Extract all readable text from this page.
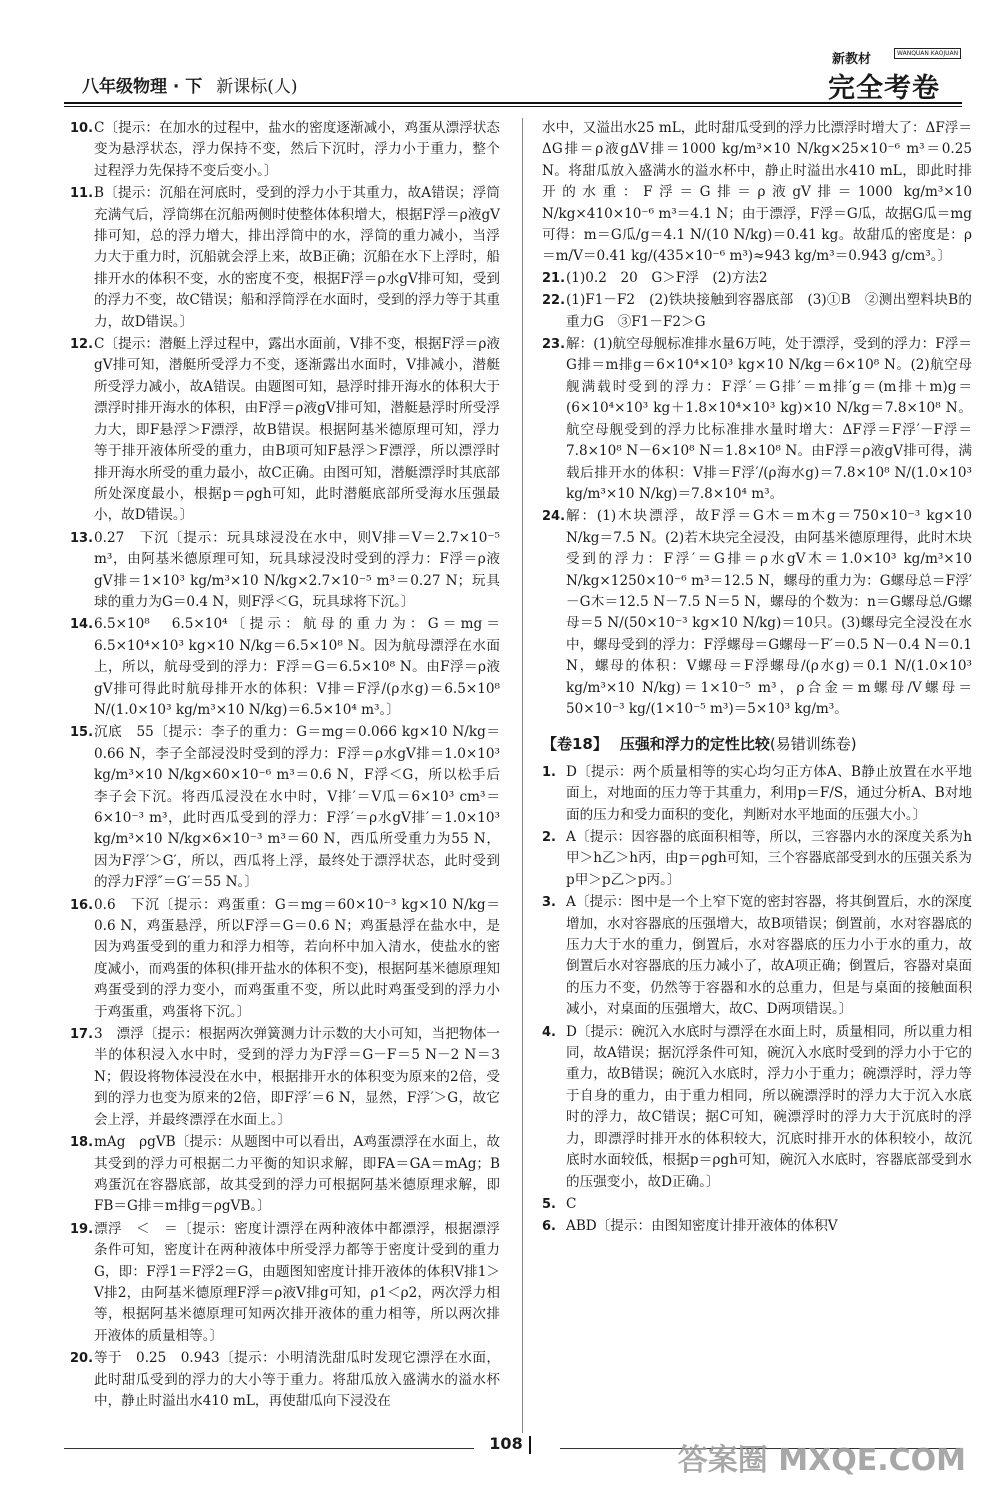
八年级物理 · 下 新课标(人)
新教材	WANQUAN KAOJUAN
完全考卷
10. C〔提示：在加水的过程中，盐水的密度逐渐减小，鸡蛋从漂浮状态变为悬浮状态，浮力保持不变，然后下沉时，浮力小于重力，整个过程浮力先保持不变后变小。〕
11. B〔提示：沉船在河底时，受到的浮力小于其重力，故A错误；浮筒充满气后，浮筒绑在沉船两侧时使整体体积增大，根据F浮＝ρ液gV排可知，总的浮力增大，排出浮筒中的水，浮筒的重力减小，当浮力大于重力时，沉船就会浮上来，故B正确；沉船在水下上浮时，船排开水的体积不变，水的密度不变，根据F浮＝ρ水gV排可知，受到的浮力不变，故C错误；船和浮筒浮在水面时，受到的浮力等于其重力，故D错误。〕
12. C〔提示：潜艇上浮过程中，露出水面前，V排不变，根据F浮＝ρ液gV排可知，潜艇所受浮力不变，逐渐露出水面时，V排减小，潜艇所受浮力减小，故A错误。由题图可知，悬浮时排开海水的体积大于漂浮时排开海水的体积，由F浮＝ρ液gV排可知，潜艇悬浮时所受浮力大，即F悬浮＞F漂浮，故B错误。根据阿基米德原理可知，浮力等于排开液体所受的重力，由B项可知F悬浮＞F漂浮，所以漂浮时排开海水所受的重力最小，故C正确。由图可知，潜艇漂浮时其底部所处深度最小，根据p＝ρgh可知，此时潜艇底部所受海水压强最小，故D错误。〕
13. 0.27　下沉〔提示：玩具球浸没在水中，则V排＝V＝2.7×10⁻⁵ m³，由阿基米德原理可知，玩具球浸没时受到的浮力：F浮＝ρ液gV排＝1×10³ kg/m³×10 N/kg×2.7×10⁻⁵ m³＝0.27 N；玩具球的重力为G＝0.4 N，则F浮＜G，玩具球将下沉。〕
14. 6.5×10⁸　6.5×10⁴〔提示：航母的重力为：G＝mg＝6.5×10⁴×10³ kg×10 N/kg＝6.5×10⁸ N。因为航母漂浮在水面上，所以，航母受到的浮力：F浮＝G＝6.5×10⁸ N。由F浮＝ρ液gV排可得此时航母排开水的体积：V排＝F浮/(ρ水g)＝6.5×10⁸ N/(1.0×10³ kg/m³×10 N/kg)＝6.5×10⁴ m³。〕
15. 沉底　55〔提示：李子的重力：G＝mg＝0.066 kg×10 N/kg＝0.66 N，李子全部浸没时受到的浮力：F浮＝ρ水gV排＝1.0×10³ kg/m³×10 N/kg×60×10⁻⁶ m³＝0.6 N，F浮＜G，所以松手后李子会下沉。将西瓜浸没在水中时，V排′＝V瓜＝6×10³ cm³＝6×10⁻³ m³，此时西瓜受到的浮力：F浮′＝ρ水gV排′＝1.0×10³ kg/m³×10 N/kg×6×10⁻³ m³＝60 N，西瓜所受重力为55 N，因为F浮′＞G′，所以，西瓜将上浮，最终处于漂浮状态，此时受到的浮力F浮″＝G′＝55 N。〕
16. 0.6　下沉〔提示：鸡蛋重：G＝mg＝60×10⁻³ kg×10 N/kg＝0.6 N，鸡蛋悬浮，所以F浮＝G＝0.6 N；鸡蛋悬浮在盐水中，是因为鸡蛋受到的重力和浮力相等，若向杯中加入清水，使盐水的密度减小，而鸡蛋的体积(排开盐水的体积不变)，根据阿基米德原理知鸡蛋受到的浮力变小，而鸡蛋重不变，所以此时鸡蛋受到的浮力小于鸡蛋重，鸡蛋将下沉。〕
17. 3　漂浮〔提示：根据两次弹簧测力计示数的大小可知，当把物体一半的体积浸入水中时，受到的浮力为F浮＝G－F＝5 N－2 N＝3 N；假设将物体浸没在水中，根据排开水的体积变为原来的2倍，受到的浮力也变为原来的2倍，即F浮′＝6 N，显然，F浮′＞G，故它会上浮，并最终漂浮在水面上。〕
18. mAg　ρgVB〔提示：从题图中可以看出，A鸡蛋漂浮在水面上，故其受到的浮力可根据二力平衡的知识求解，即FA＝GA＝mAg；B鸡蛋沉在容器底部，故其受到的浮力可根据阿基米德原理求解，即FB＝G排＝m排g＝ρgVB。〕
19. 漂浮　＜　＝〔提示：密度计漂浮在两种液体中都漂浮，根据漂浮条件可知，密度计在两种液体中所受浮力都等于密度计受到的重力G，即：F浮1＝F浮2＝G，由题图知密度计排开液体的体积V排1＞V排2，由阿基米德原理F浮＝ρ液V排g可知，ρ1＜ρ2，两次浮力相等，根据阿基米德原理可知两次排开液体的重力相等，所以两次排开液体的质量相等。〕
20. 等于　0.25　0.943〔提示：小明清洗甜瓜时发现它漂浮在水面，此时甜瓜受到的浮力的大小等于重力。将甜瓜放入盛满水的溢水杯中，静止时溢出水410 mL，再使甜瓜向下浸没在
水中，又溢出水25 mL，此时甜瓜受到的浮力比漂浮时增大了：ΔF浮＝ΔG排＝ρ液gΔV排＝1000 kg/m³×10 N/kg×25×10⁻⁶ m³＝0.25 N。将甜瓜放入盛满水的溢水杯中，静止时溢出水410 mL，即此时排开的水重：F浮＝G排＝ρ液gV排＝1000 kg/m³×10 N/kg×410×10⁻⁶ m³＝4.1 N；由于漂浮，F浮＝G瓜，故据G瓜＝mg可得：m＝G瓜/g＝4.1 N/(10 N/kg)＝0.41 kg。故甜瓜的密度是：ρ＝m/V＝0.41 kg/(435×10⁻⁶ m³)≈943 kg/m³＝0.943 g/cm³。〕
21. (1)0.2　20　G＞F浮　(2)方法2
22. (1)F1－F2　(2)铁块接触到容器底部　(3)①B　②测出塑料块B的重力G　③F1－F2＞G
23. 解：(1)航空母舰标准排水量6万吨，处于漂浮，受到的浮力：F浮＝G排＝m排g＝6×10⁴×10³ kg×10 N/kg＝6×10⁸ N。(2)航空母舰满载时受到的浮力：F浮′＝G排′＝m排′g＝(m排＋m)g＝(6×10⁴×10³ kg＋1.8×10⁴×10³ kg)×10 N/kg＝7.8×10⁸ N。航空母舰受到的浮力比标准排水量时增大：ΔF浮＝F浮′－F浮＝7.8×10⁸ N－6×10⁸ N＝1.8×10⁸ N。由F浮＝ρ液gV排可得，满载后排开水的体积：V排＝F浮′/(ρ海水g)＝7.8×10⁸ N/(1.0×10³ kg/m³×10 N/kg)＝7.8×10⁴ m³。
24. 解：(1)木块漂浮，故F浮＝G木＝m木g＝750×10⁻³ kg×10 N/kg＝7.5 N。(2)若木块完全浸没，由阿基米德原理得，此时木块受到的浮力：F浮′＝G排＝ρ水gV木＝1.0×10³ kg/m³×10 N/kg×1250×10⁻⁶ m³＝12.5 N，螺母的重力为：G螺母总＝F浮′－G木＝12.5 N－7.5 N＝5 N，螺母的个数为：n＝G螺母总/G螺母＝5 N/(50×10⁻³ kg×10 N/kg)＝10只。(3)螺母完全浸没在水中，螺母受到的浮力：F浮螺母＝G螺母－F′＝0.5 N－0.4 N＝0.1 N，螺母的体积：V螺母＝F浮螺母/(ρ水g)＝0.1 N/(1.0×10³ kg/m³×10 N/kg)＝1×10⁻⁵ m³，ρ合金＝m螺母/V螺母＝50×10⁻³ kg/(1×10⁻⁵ m³)＝5×10³ kg/m³。
【卷18】 压强和浮力的定性比较(易错训练卷)
1. D〔提示：两个质量相等的实心均匀正方体A、B静止放置在水平地面上，对地面的压力等于其重力，利用p＝F/S，通过分析A、B对地面的压力和受力面积的变化，判断对水平地面的压强大小。〕
2. A〔提示：因容器的底面积相等，所以，三容器内水的深度关系为h甲＞h乙＞h丙，由p＝ρgh可知，三个容器底部受到水的压强关系为p甲＞p乙＞p丙。〕
3. A〔提示：图中是一个上窄下宽的密封容器，将其倒置后，水的深度增加，水对容器底的压强增大，故B项错误；倒置前，水对容器底的压力大于水的重力，倒置后，水对容器底的压力小于水的重力，故倒置后水对容器底的压力减小了，故A项正确；倒置后，容器对桌面的压力不变，仍然等于容器和水的总重力，但是与桌面的接触面积减小，对桌面的压强增大，故C、D两项错误。〕
4. D〔提示：碗沉入水底时与漂浮在水面上时，质量相同，所以重力相同，故A错误；据沉浮条件可知，碗沉入水底时受到的浮力小于它的重力，故B错误；碗沉入水底时，浮力小于重力；碗漂浮时，浮力等于自身的重力，由于重力相同，所以碗漂浮时的浮力大于沉入水底时的浮力，故C错误；据C可知，碗漂浮时的浮力大于沉底时的浮力，即漂浮时排开水的体积较大，沉底时排开水的体积较小，故沉底时水面较低，根据p＝ρgh可知，碗沉入水底时，容器底部受到水的压强变小，故D正确。〕
5. C
6. ABD〔提示：由图知密度计排开液体的体积V
108	答案圈 MXQE.COM
